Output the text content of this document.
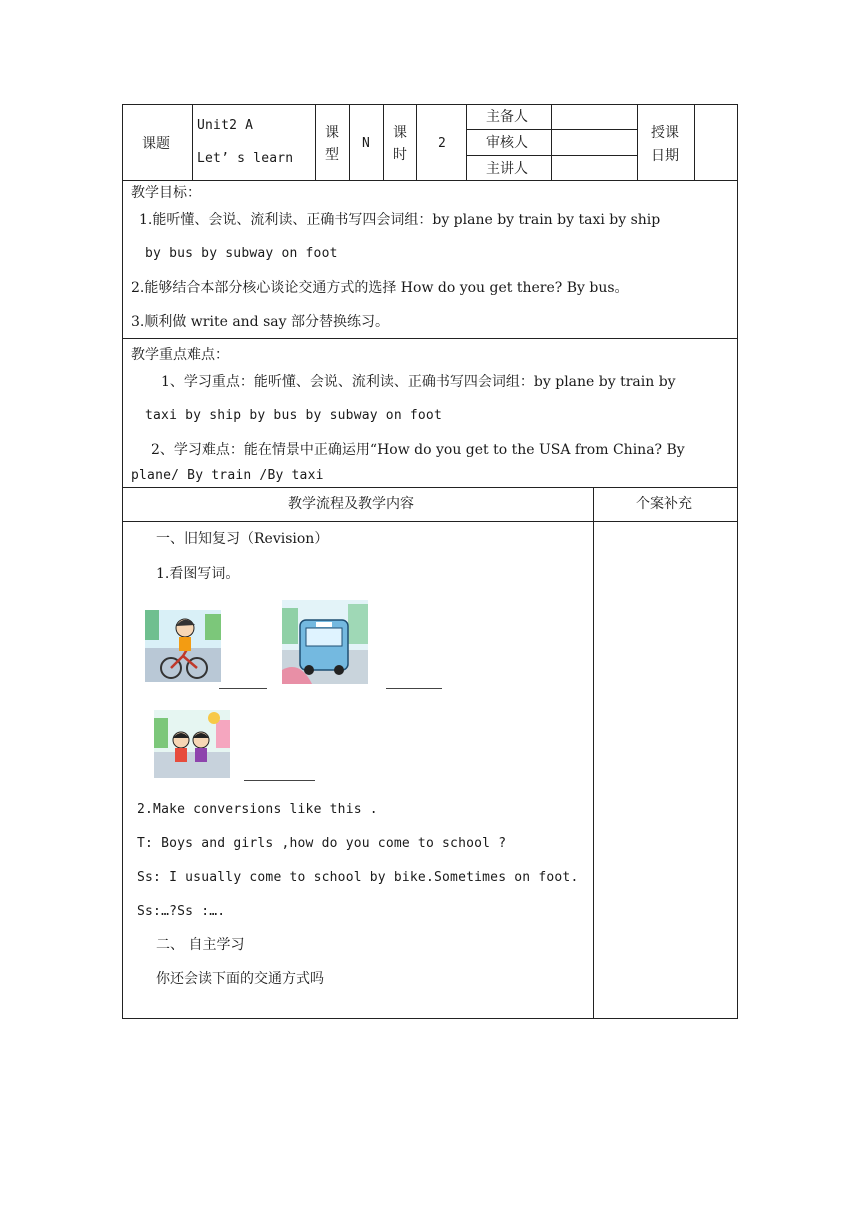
课题
Unit2 A
Let’ s learn
课
型
N
课
时
2
主备人
审核人
主讲人
授课
日期
教学目标：
1.能听懂、会说、流利读、正确书写四会词组：by plane by train by taxi by ship
by bus by subway on foot
2.能够结合本部分核心谈论交通方式的选择 How do you get there? By bus。
3.顺利做 write and say 部分替换练习。
教学重点难点：
1、学习重点：能听懂、会说、流利读、正确书写四会词组：by plane by train by
taxi by ship by bus by subway on foot
2、学习难点：能在情景中正确运用“How do you get to the USA from China? By
plane/ By train /By taxi
教学流程及教学内容	个案补充
一、旧知复习（Revision）
1.看图写词。
2.Make conversions like this .
T: Boys and girls ,how do you come to school ?
Ss: I usually come to school by bike.Sometimes on foot.
Ss:…?Ss :….
二、 自主学习
你还会读下面的交通方式吗
